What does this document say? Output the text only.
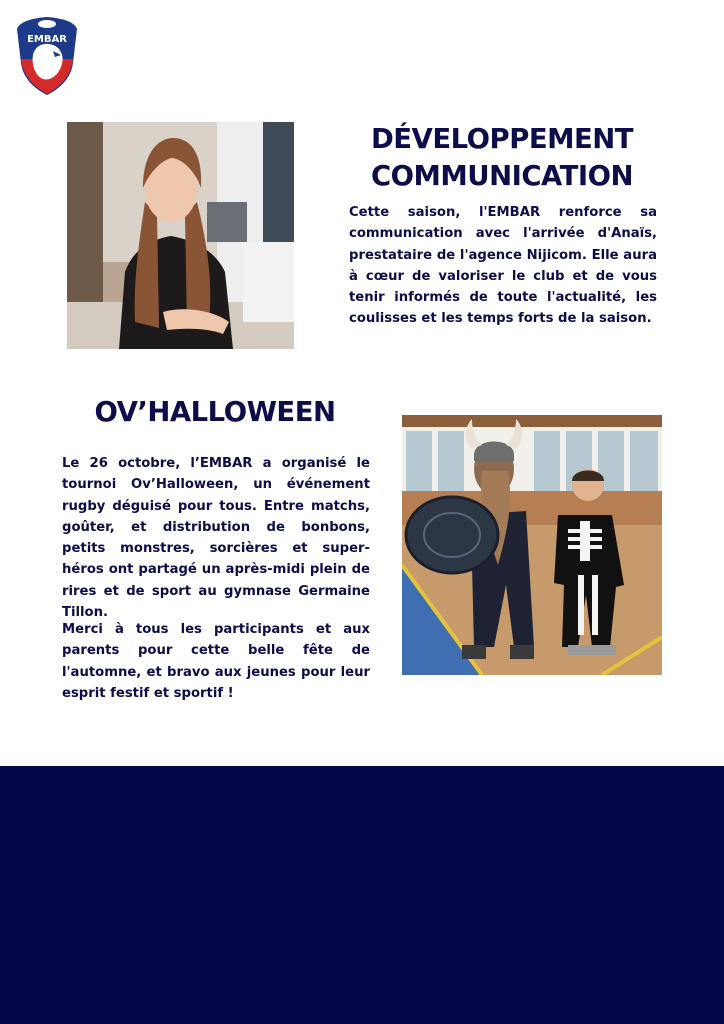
EMBAR
DÉVELOPPEMENT
COMMUNICATION

Cette saison, l'EMBAR renforce sa communication avec l'arrivée d'Anaïs, prestataire de l'agence Nijicom. Elle aura à cœur de valoriser le club et de vous tenir informés de toute l'actualité, les coulisses et les temps forts de la saison.

OV’HALLOWEEN

Le 26 octobre, l’EMBAR a organisé le tournoi Ov’Halloween, un événement rugby déguisé pour tous. Entre matchs, goûter, et distribution de bonbons, petits monstres, sorcières et super-héros ont partagé un après-midi plein de rires et de sport au gymnase Germaine Tillon.

Merci à tous les participants et aux parents pour cette belle fête de l'automne, et bravo aux jeunes pour leur esprit festif et sportif !
